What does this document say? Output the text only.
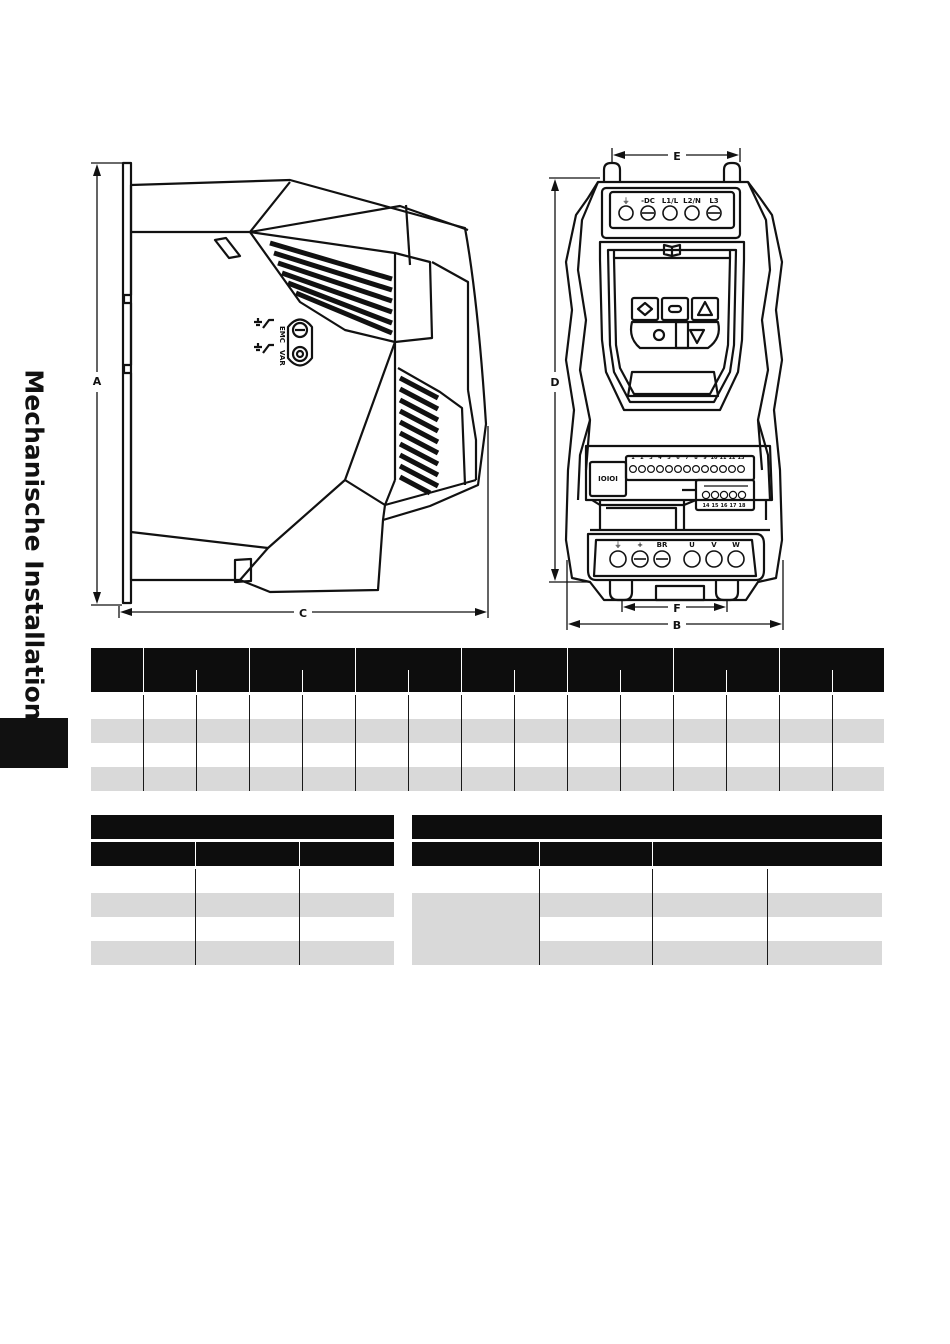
Mechanische Installation
EMC
VAR
A
C
⏚ -DC L1/L L2/N L3
1 2 3 4 5 6 7 8 9 10 11 12 13
14 15 16 17 18
IOIOI
⏚ + BR	U V W
E
D
F
B
